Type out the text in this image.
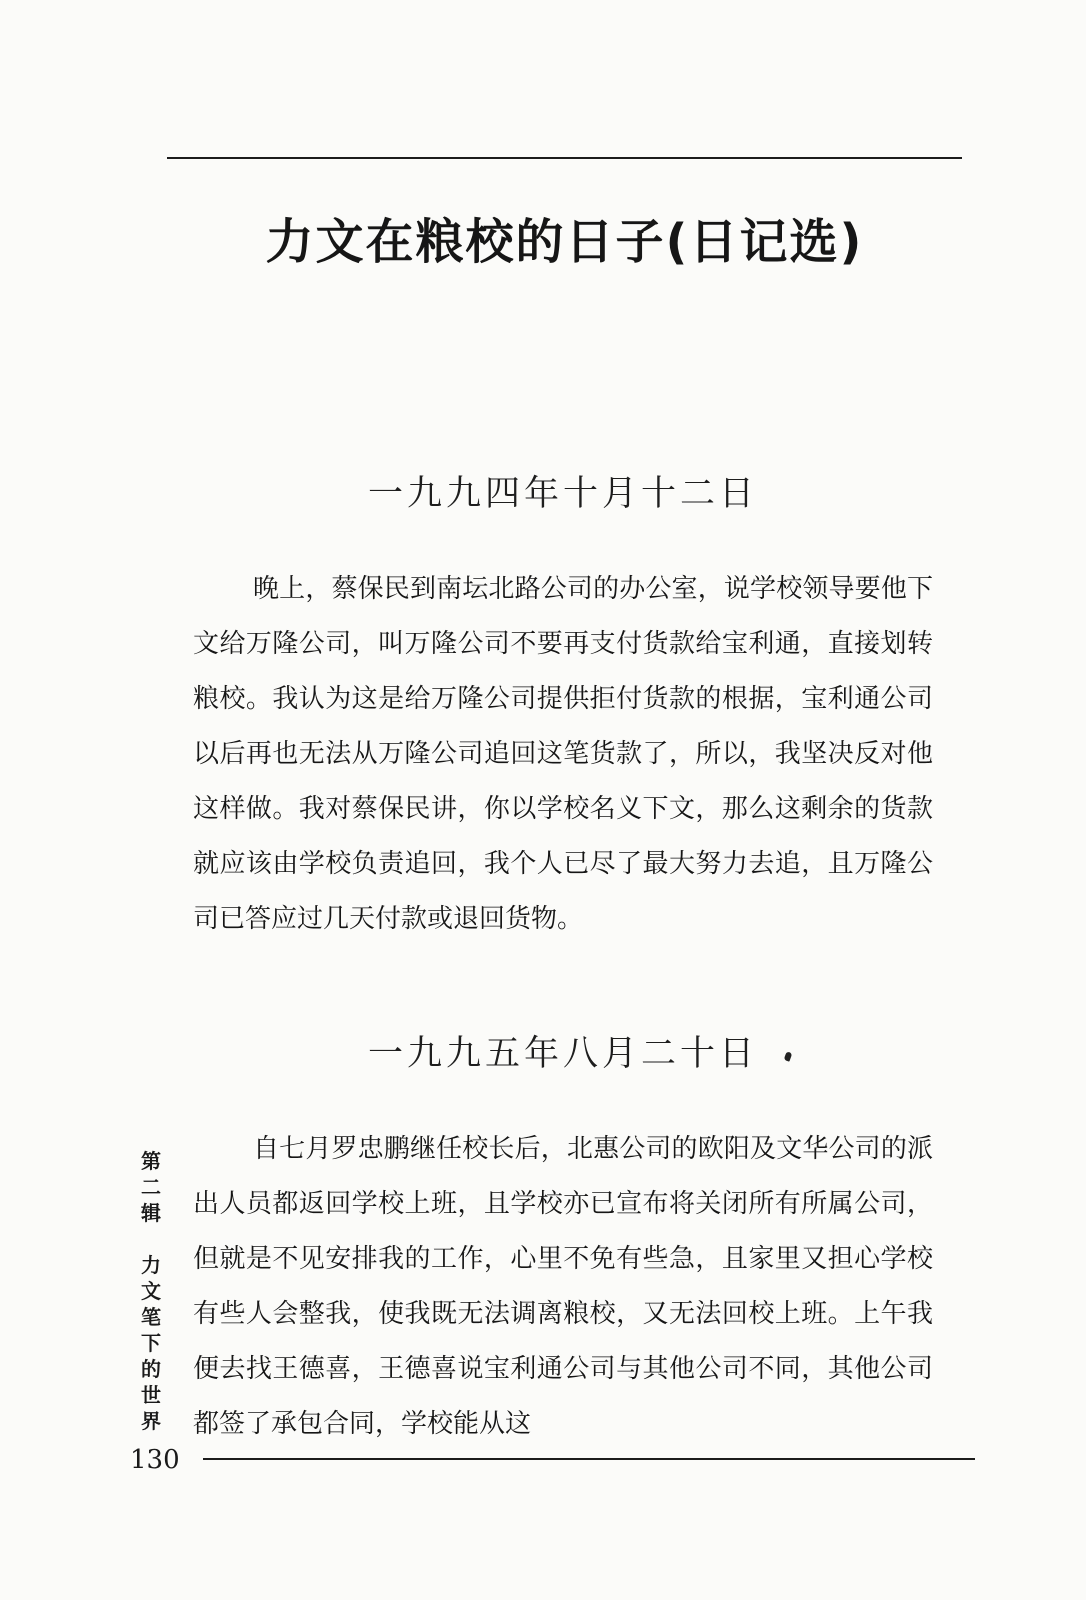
力文在粮校的日子(日记选)
一九九四年十月十二日

晚上，蔡保民到南坛北路公司的办公室，说学校领导要他下文给万隆公司，叫万隆公司不要再支付货款给宝利通，直接划转粮校。我认为这是给万隆公司提供拒付货款的根据，宝利通公司以后再也无法从万隆公司追回这笔货款了，所以，我坚决反对他这样做。我对蔡保民讲，你以学校名义下文，那么这剩余的货款就应该由学校负责追回，我个人已尽了最大努力去追，且万隆公司已答应过几天付款或退回货物。

一九九五年八月二十日

自七月罗忠鹏继任校长后，北惠公司的欧阳及文华公司的派出人员都返回学校上班，且学校亦已宣布将关闭所有所属公司，但就是不见安排我的工作，心里不免有些急，且家里又担心学校有些人会整我，使我既无法调离粮校，又无法回校上班。上午我便去找王德喜，王德喜说宝利通公司与其他公司不同，其他公司都签了承包合同，学校能从这

第
二
辑
力
文
笔
下
的
世
界
130
